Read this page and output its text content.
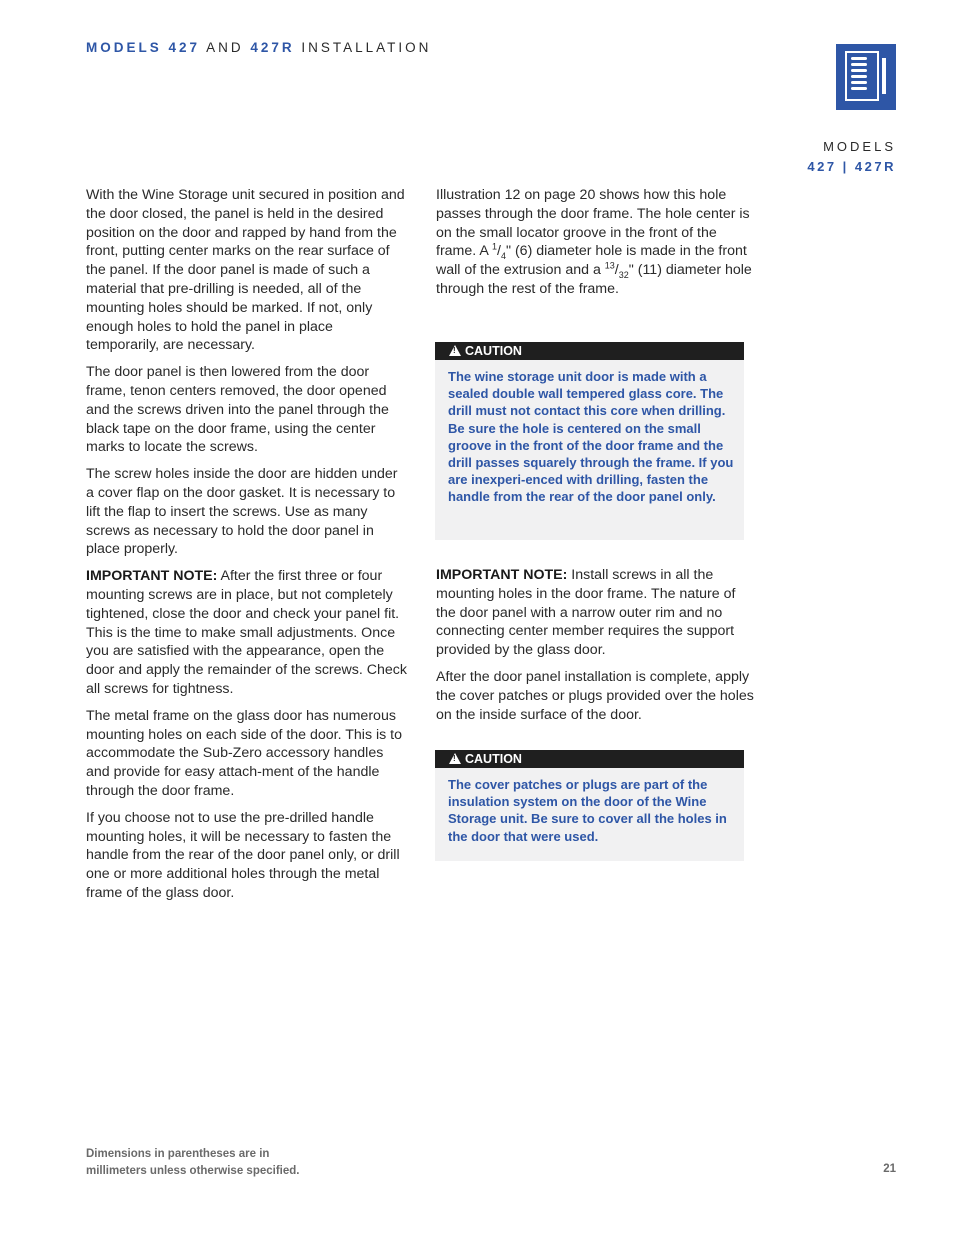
MODELS 427 AND 427R INSTALLATION
MODELS
427 | 427R

With the Wine Storage unit secured in position and the door closed, the panel is held in the desired position on the door and rapped by hand from the front, putting center marks on the rear surface of the panel. If the door panel is made of such a material that pre-drilling is needed, all of the mounting holes should be marked. If not, only enough holes to hold the panel in place temporarily, are necessary.

The door panel is then lowered from the door frame, tenon centers removed, the door opened and the screws driven into the panel through the black tape on the door frame, using the center marks to locate the screws.

The screw holes inside the door are hidden under a cover flap on the door gasket. It is necessary to lift the flap to insert the screws. Use as many screws as necessary to hold the door panel in place properly.

IMPORTANT NOTE: After the first three or four mounting screws are in place, but not completely tightened, close the door and check your panel fit. This is the time to make small adjustments. Once you are satisfied with the appearance, open the door and apply the remainder of the screws. Check all screws for tightness.

The metal frame on the glass door has numerous mounting holes on each side of the door. This is to accommodate the Sub-Zero accessory handles and provide for easy attach-ment of the handle through the door frame.

If you choose not to use the pre-drilled handle mounting holes, it will be necessary to fasten the handle from the rear of the door panel only, or drill one or more additional holes through the metal frame of the glass door.

Illustration 12 on page 20 shows how this hole passes through the door frame. The hole center is on the small locator groove in the front of the frame. A $^1/_4$" (6) diameter hole is made in the front wall of the extrusion and a $^{13}/_{32}$" (11) diameter hole through the rest of the frame.

!CAUTION
The wine storage unit door is made with a sealed double wall tempered glass core. The drill must not contact this core when drilling. Be sure the hole is centered on the small groove in the front of the door frame and the drill passes squarely through the frame. If you are inexperi-enced with drilling, fasten the handle from the rear of the door panel only.

IMPORTANT NOTE: Install screws in all the mounting holes in the door frame. The nature of the door panel with a narrow outer rim and no connecting center member requires the support provided by the glass door.

After the door panel installation is complete, apply the cover patches or plugs provided over the holes on the inside surface of the door.

!CAUTION
The cover patches or plugs are part of the insulation system on the door of the Wine Storage unit. Be sure to cover all the holes in the door that were used.
Dimensions in parentheses are in
millimeters unless otherwise specified.	21
